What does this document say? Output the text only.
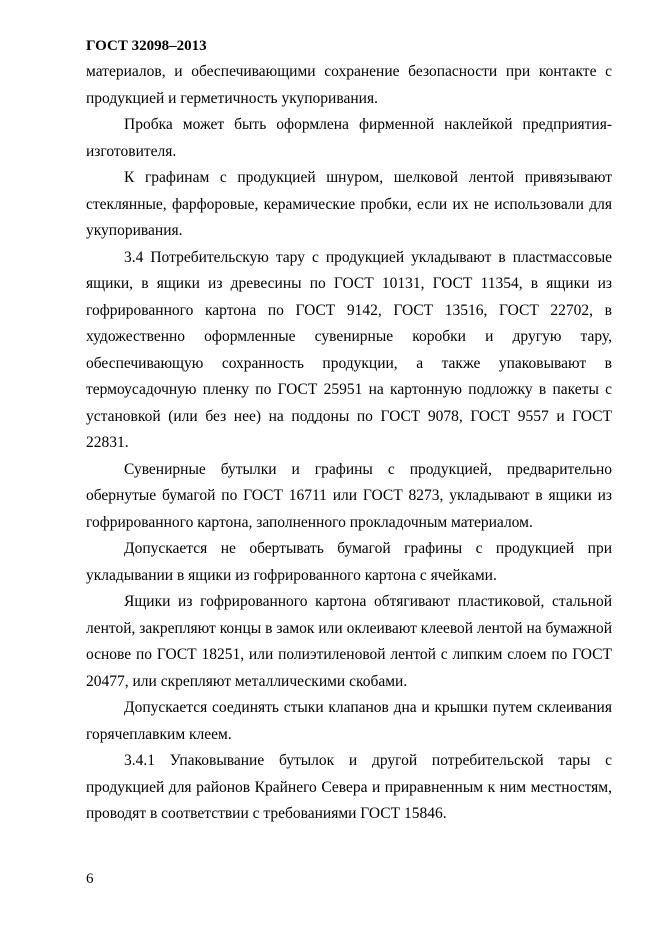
ГОСТ 32098–2013

материалов, и обеспечивающими сохранение безопасности при контакте с продукцией и герметичность укупоривания.

Пробка может быть оформлена фирменной наклейкой предприятия-изготовителя.

К графинам с продукцией шнуром, шелковой лентой привязывают стеклянные, фарфоровые, керамические пробки, если их не использовали для укупоривания.

3.4 Потребительскую тару с продукцией укладывают в пластмассовые ящики, в ящики из древесины по ГОСТ 10131, ГОСТ 11354, в ящики из гофрированного картона по ГОСТ 9142, ГОСТ 13516, ГОСТ 22702, в художественно оформленные сувенирные коробки и другую тару, обеспечивающую сохранность продукции, а также упаковывают в термоусадочную пленку по ГОСТ 25951 на картонную подложку в пакеты с установкой (или без нее) на поддоны по ГОСТ 9078, ГОСТ 9557 и ГОСТ 22831.

Сувенирные бутылки и графины с продукцией, предварительно обернутые бумагой по ГОСТ 16711 или ГОСТ 8273, укладывают в ящики из гофрированного картона, заполненного прокладочным материалом.

Допускается не обертывать бумагой графины с продукцией при укладывании в ящики из гофрированного картона с ячейками.

Ящики из гофрированного картона обтягивают пластиковой, стальной лентой, закрепляют концы в замок или оклеивают клеевой лентой на бумажной основе по ГОСТ 18251, или полиэтиленовой лентой с липким слоем по ГОСТ 20477, или скрепляют металлическими скобами.

Допускается соединять стыки клапанов дна и крышки путем склеивания горячеплавким клеем.

3.4.1 Упаковывание бутылок и другой потребительской тары с продукцией для районов Крайнего Севера и приравненным к ним местностям, проводят в соответствии с требованиями ГОСТ 15846.

6
